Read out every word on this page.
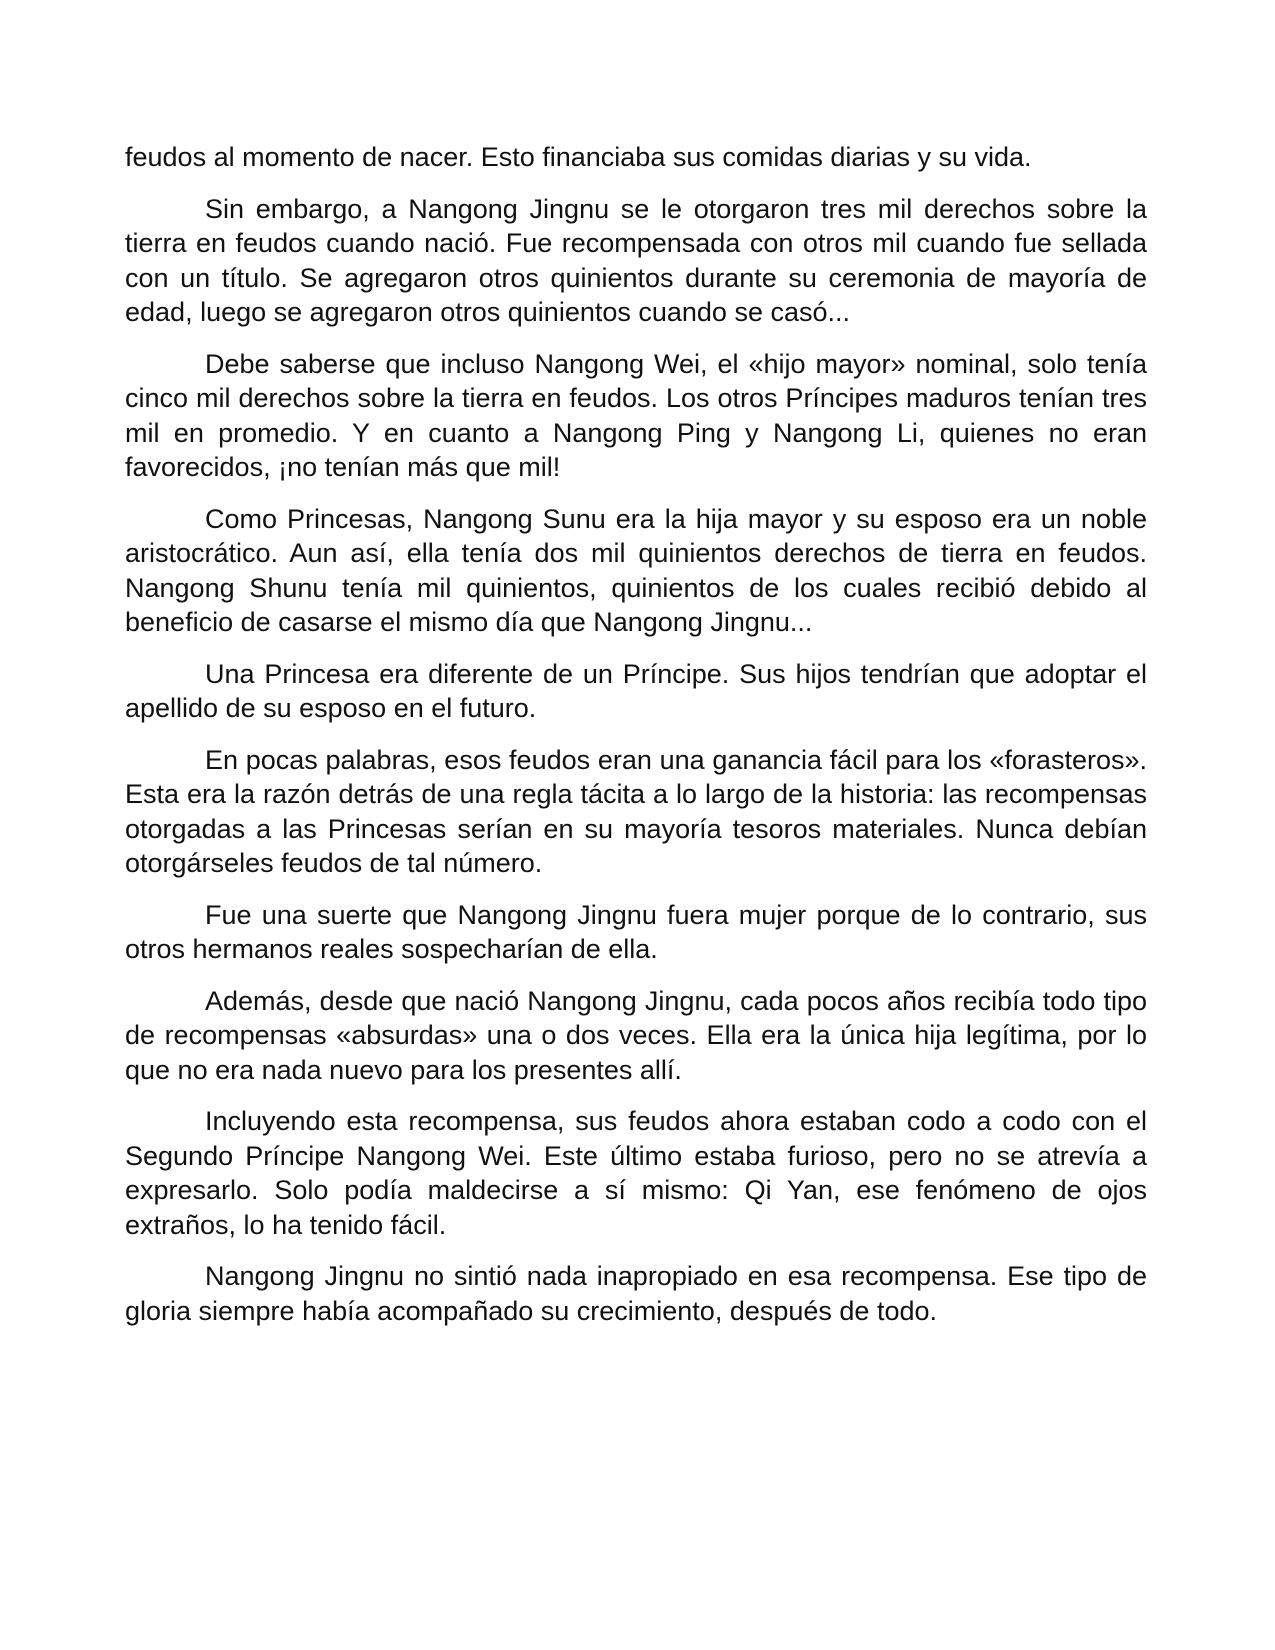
feudos al momento de nacer. Esto financiaba sus comidas diarias y su vida.

Sin embargo, a Nangong Jingnu se le otorgaron tres mil derechos sobre la tierra en feudos cuando nació. Fue recompensada con otros mil cuando fue sellada con un título. Se agregaron otros quinientos durante su ceremonia de mayoría de edad, luego se agregaron otros quinientos cuando se casó...

Debe saberse que incluso Nangong Wei, el «hijo mayor» nominal, solo tenía cinco mil derechos sobre la tierra en feudos. Los otros Príncipes maduros tenían tres mil en promedio. Y en cuanto a Nangong Ping y Nangong Li, quienes no eran favorecidos, ¡no tenían más que mil!

Como Princesas, Nangong Sunu era la hija mayor y su esposo era un noble aristocrático. Aun así, ella tenía dos mil quinientos derechos de tierra en feudos. Nangong Shunu tenía mil quinientos, quinientos de los cuales recibió debido al beneficio de casarse el mismo día que Nangong Jingnu...

Una Princesa era diferente de un Príncipe. Sus hijos tendrían que adoptar el apellido de su esposo en el futuro.

En pocas palabras, esos feudos eran una ganancia fácil para los «forasteros». Esta era la razón detrás de una regla tácita a lo largo de la historia: las recompensas otorgadas a las Princesas serían en su mayoría tesoros materiales. Nunca debían otorgárseles feudos de tal número.

Fue una suerte que Nangong Jingnu fuera mujer porque de lo contrario, sus otros hermanos reales sospecharían de ella.

Además, desde que nació Nangong Jingnu, cada pocos años recibía todo tipo de recompensas «absurdas» una o dos veces. Ella era la única hija legítima, por lo que no era nada nuevo para los presentes allí.

Incluyendo esta recompensa, sus feudos ahora estaban codo a codo con el Segundo Príncipe Nangong Wei. Este último estaba furioso, pero no se atrevía a expresarlo. Solo podía maldecirse a sí mismo: Qi Yan, ese fenómeno de ojos extraños, lo ha tenido fácil.

Nangong Jingnu no sintió nada inapropiado en esa recompensa. Ese tipo de gloria siempre había acompañado su crecimiento, después de todo.
